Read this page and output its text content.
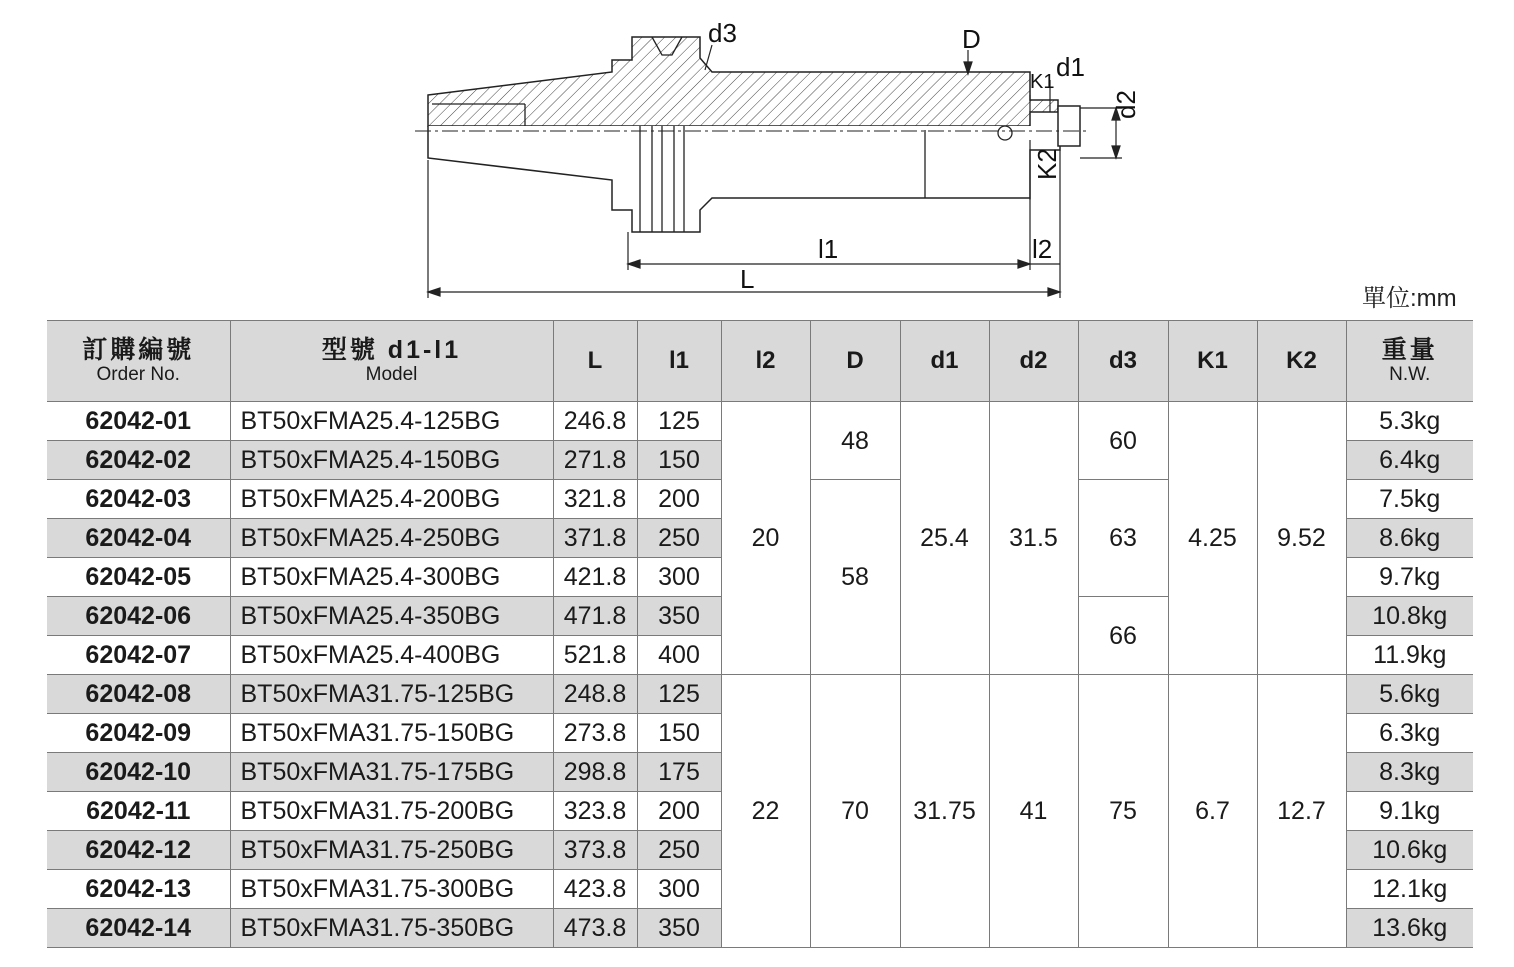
d3	D
d1
K1
d2
K2
l1	l2
L
單位:mm
訂購編號
Order No.	型號 d1-l1
Model	L	l1	l2	D	d1	d2	d3	K1	K2	重量
N.W.

62042-01	BT50xFMA25.4-125BG	246.8	125	20	48	25.4	31.5	60	4.25	9.52	5.3kg
62042-02	BT50xFMA25.4-150BG	271.8	150								6.4kg
62042-03	BT50xFMA25.4-200BG	321.8	200		58			63			7.5kg
62042-04	BT50xFMA25.4-250BG	371.8	250								8.6kg
62042-05	BT50xFMA25.4-300BG	421.8	300								9.7kg
62042-06	BT50xFMA25.4-350BG	471.8	350					66			10.8kg
62042-07	BT50xFMA25.4-400BG	521.8	400								11.9kg
62042-08	BT50xFMA31.75-125BG	248.8	125	22	70	31.75	41	75	6.7	12.7	5.6kg
62042-09	BT50xFMA31.75-150BG	273.8	150								6.3kg
62042-10	BT50xFMA31.75-175BG	298.8	175								8.3kg
62042-11	BT50xFMA31.75-200BG	323.8	200								9.1kg
62042-12	BT50xFMA31.75-250BG	373.8	250								10.6kg
62042-13	BT50xFMA31.75-300BG	423.8	300								12.1kg
62042-14	BT50xFMA31.75-350BG	473.8	350								13.6kg
